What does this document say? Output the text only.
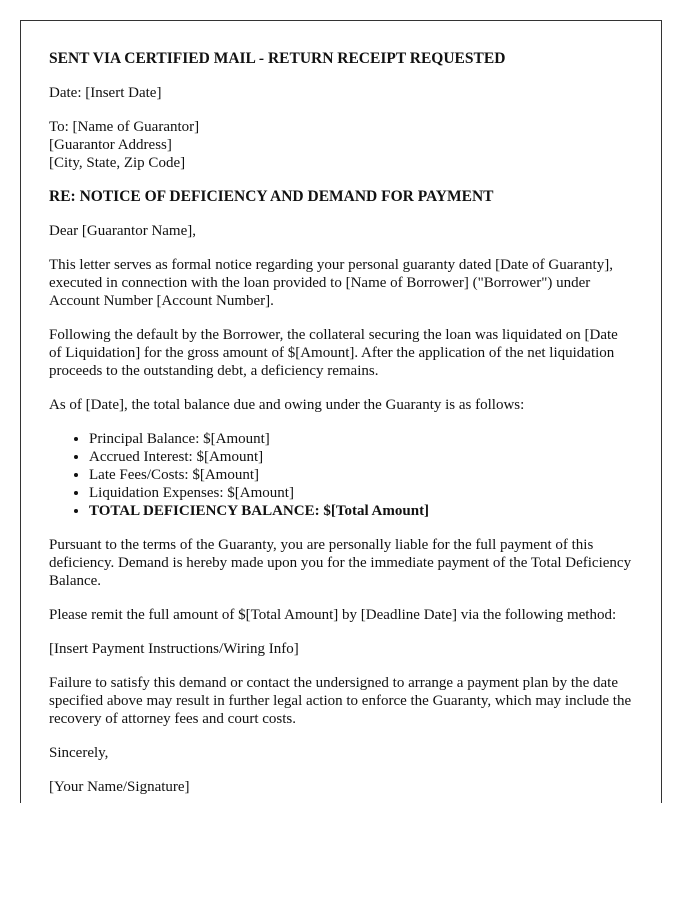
SENT VIA CERTIFIED MAIL - RETURN RECEIPT REQUESTED

Date: [Insert Date]

To: [Name of Guarantor]
[Guarantor Address]
[City, State, Zip Code]

RE: NOTICE OF DEFICIENCY AND DEMAND FOR PAYMENT

Dear [Guarantor Name],

This letter serves as formal notice regarding your personal guaranty dated [Date of Guaranty], executed in connection with the loan provided to [Name of Borrower] ("Borrower") under Account Number [Account Number].

Following the default by the Borrower, the collateral securing the loan was liquidated on [Date of Liquidation] for the gross amount of $[Amount]. After the application of the net liquidation proceeds to the outstanding debt, a deficiency remains.

As of [Date], the total balance due and owing under the Guaranty is as follows:

• Principal Balance: $[Amount]
• Accrued Interest: $[Amount]
• Late Fees/Costs: $[Amount]
• Liquidation Expenses: $[Amount]
• TOTAL DEFICIENCY BALANCE: $[Total Amount]

Pursuant to the terms of the Guaranty, you are personally liable for the full payment of this deficiency. Demand is hereby made upon you for the immediate payment of the Total Deficiency Balance.

Please remit the full amount of $[Total Amount] by [Deadline Date] via the following method:

[Insert Payment Instructions/Wiring Info]

Failure to satisfy this demand or contact the undersigned to arrange a payment plan by the date specified above may result in further legal action to enforce the Guaranty, which may include the recovery of attorney fees and court costs.

Sincerely,

[Your Name/Signature]
